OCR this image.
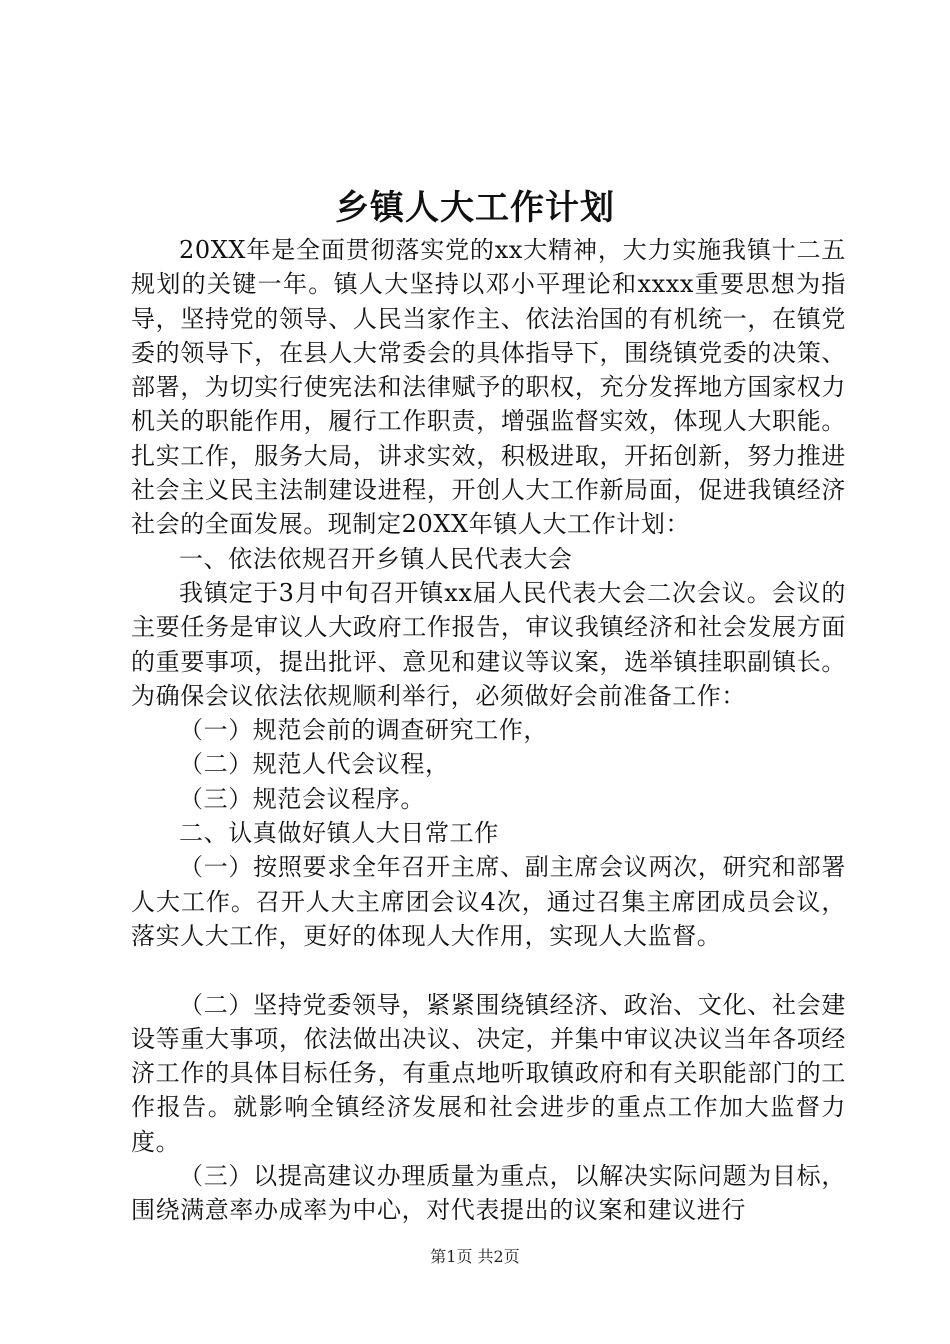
乡镇人大工作计划

20XX年是全面贯彻落实党的xx大精神，大力实施我镇十二五规划的关键一年。镇人大坚持以邓小平理论和xxxx重要思想为指导，坚持党的领导、人民当家作主、依法治国的有机统一，在镇党委的领导下，在县人大常委会的具体指导下，围绕镇党委的决策、部署，为切实行使宪法和法律赋予的职权，充分发挥地方国家权力机关的职能作用，履行工作职责，增强监督实效，体现人大职能。扎实工作，服务大局，讲求实效，积极进取，开拓创新，努力推进社会主义民主法制建设进程，开创人大工作新局面，促进我镇经济社会的全面发展。现制定20XX年镇人大工作计划：

一、依法依规召开乡镇人民代表大会

我镇定于3月中旬召开镇xx届人民代表大会二次会议。会议的主要任务是审议人大政府工作报告，审议我镇经济和社会发展方面的重要事项，提出批评、意见和建议等议案，选举镇挂职副镇长。为确保会议依法依规顺利举行，必须做好会前准备工作：

（一）规范会前的调查研究工作，

（二）规范人代会议程，

（三）规范会议程序。

二、认真做好镇人大日常工作

（一）按照要求全年召开主席、副主席会议两次，研究和部署人大工作。召开人大主席团会议4次，通过召集主席团成员会议，落实人大工作，更好的体现人大作用，实现人大监督。

（二）坚持党委领导，紧紧围绕镇经济、政治、文化、社会建设等重大事项，依法做出决议、决定，并集中审议决议当年各项经济工作的具体目标任务，有重点地听取镇政府和有关职能部门的工作报告。就影响全镇经济发展和社会进步的重点工作加大监督力度。

（三）以提高建议办理质量为重点，以解决实际问题为目标，围绕满意率办成率为中心，对代表提出的议案和建议进行

第1页 共2页
